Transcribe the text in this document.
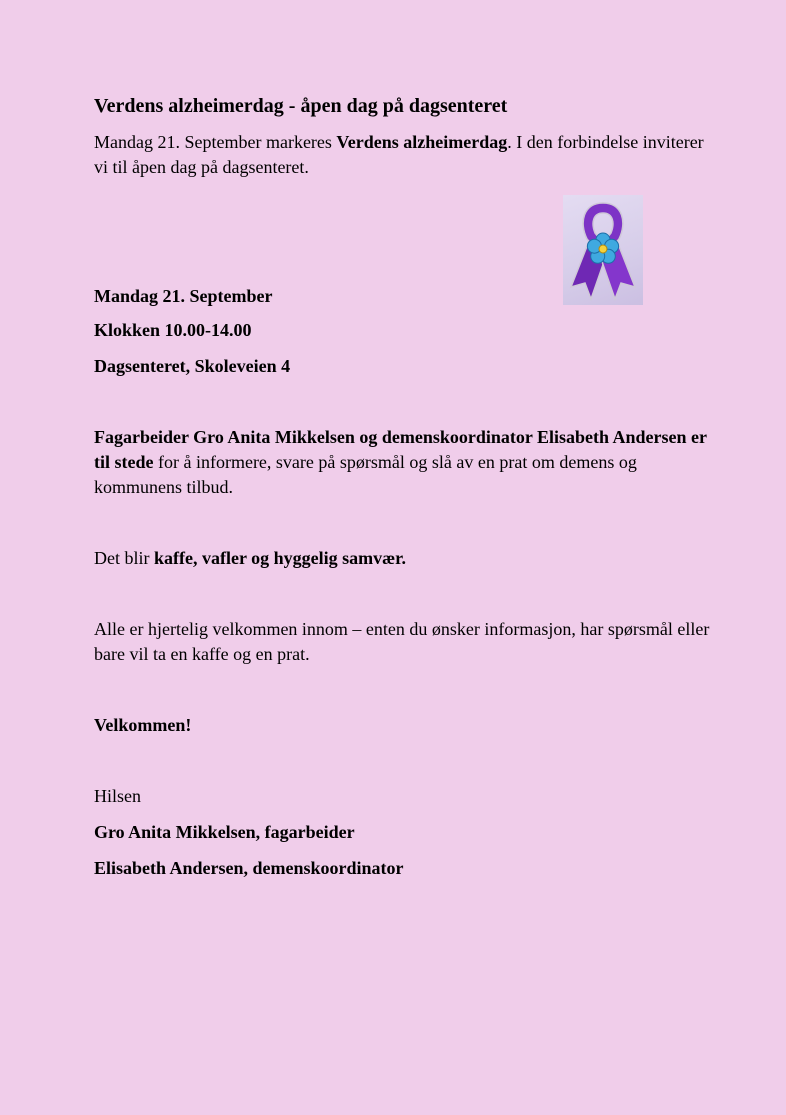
Verdens alzheimerdag - åpen dag på dagsenteret
Mandag 21. September markeres Verdens alzheimerdag. I den forbindelse inviterer vi til åpen dag på dagsenteret.
Mandag 21. September
Klokken 10.00-14.00
Dagsenteret, Skoleveien 4
Fagarbeider Gro Anita Mikkelsen og demenskoordinator Elisabeth Andersen er til stede for å informere, svare på spørsmål og slå av en prat om demens og kommunens tilbud.
Det blir kaffe, vafler og hyggelig samvær.
Alle er hjertelig velkommen innom – enten du ønsker informasjon, har spørsmål eller bare vil ta en kaffe og en prat.
Velkommen!
Hilsen
Gro Anita Mikkelsen, fagarbeider
Elisabeth Andersen, demenskoordinator
